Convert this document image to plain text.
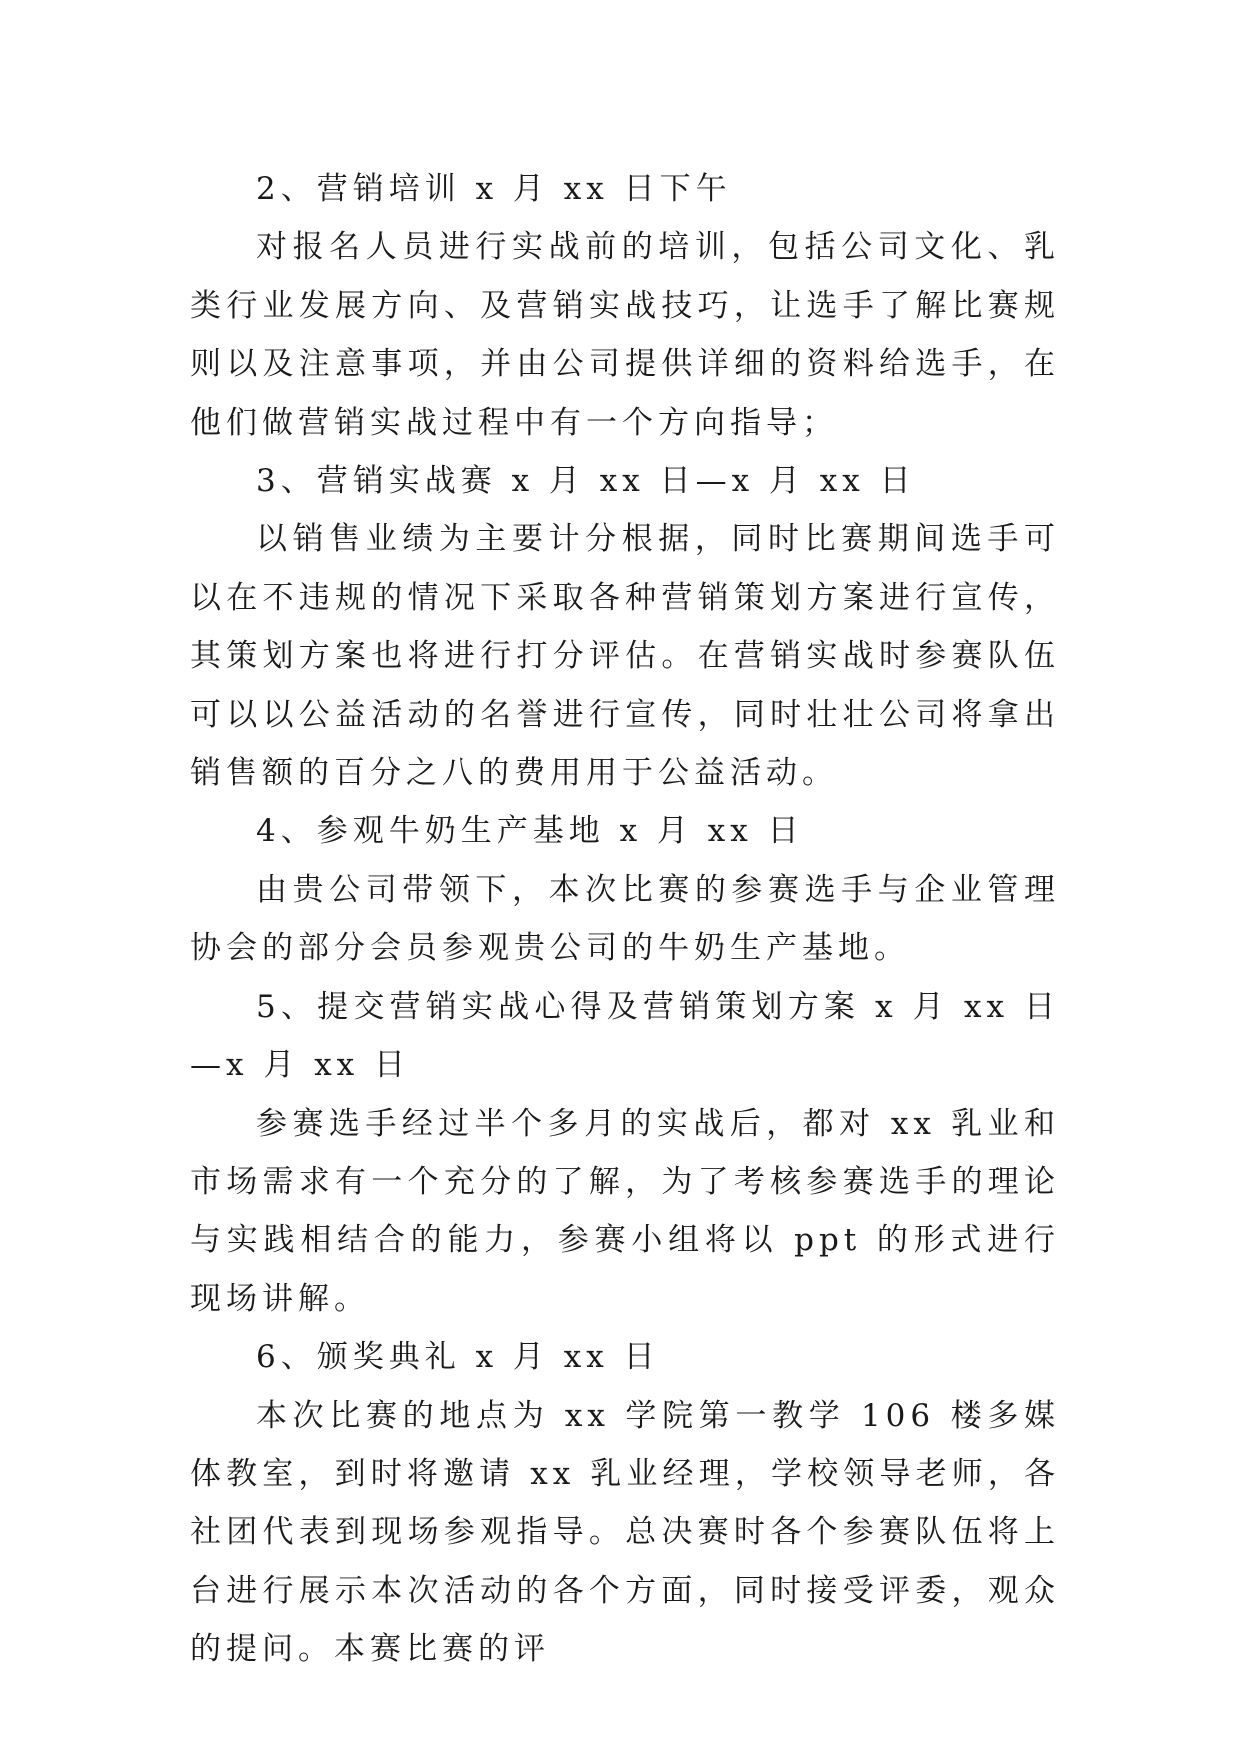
2、营销培训 x 月 xx 日下午

对报名人员进行实战前的培训，包括公司文化、乳类行业发展方向、及营销实战技巧，让选手了解比赛规则以及注意事项，并由公司提供详细的资料给选手，在他们做营销实战过程中有一个方向指导；

3、营销实战赛 x 月 xx 日—x 月 xx 日

以销售业绩为主要计分根据，同时比赛期间选手可以在不违规的情况下采取各种营销策划方案进行宣传，其策划方案也将进行打分评估。在营销实战时参赛队伍可以以公益活动的名誉进行宣传，同时壮壮公司将拿出销售额的百分之八的费用用于公益活动。

4、参观牛奶生产基地 x 月 xx 日

由贵公司带领下，本次比赛的参赛选手与企业管理协会的部分会员参观贵公司的牛奶生产基地。

5、提交营销实战心得及营销策划方案 x 月 xx 日—x 月 xx 日

参赛选手经过半个多月的实战后，都对 xx 乳业和市场需求有一个充分的了解，为了考核参赛选手的理论与实践相结合的能力，参赛小组将以 ppt 的形式进行现场讲解。

6、颁奖典礼 x 月 xx 日

本次比赛的地点为 xx 学院第一教学 106 楼多媒体教室，到时将邀请 xx 乳业经理，学校领导老师，各社团代表到现场参观指导。总决赛时各个参赛队伍将上台进行展示本次活动的各个方面，同时接受评委，观众的提问。本赛比赛的评
